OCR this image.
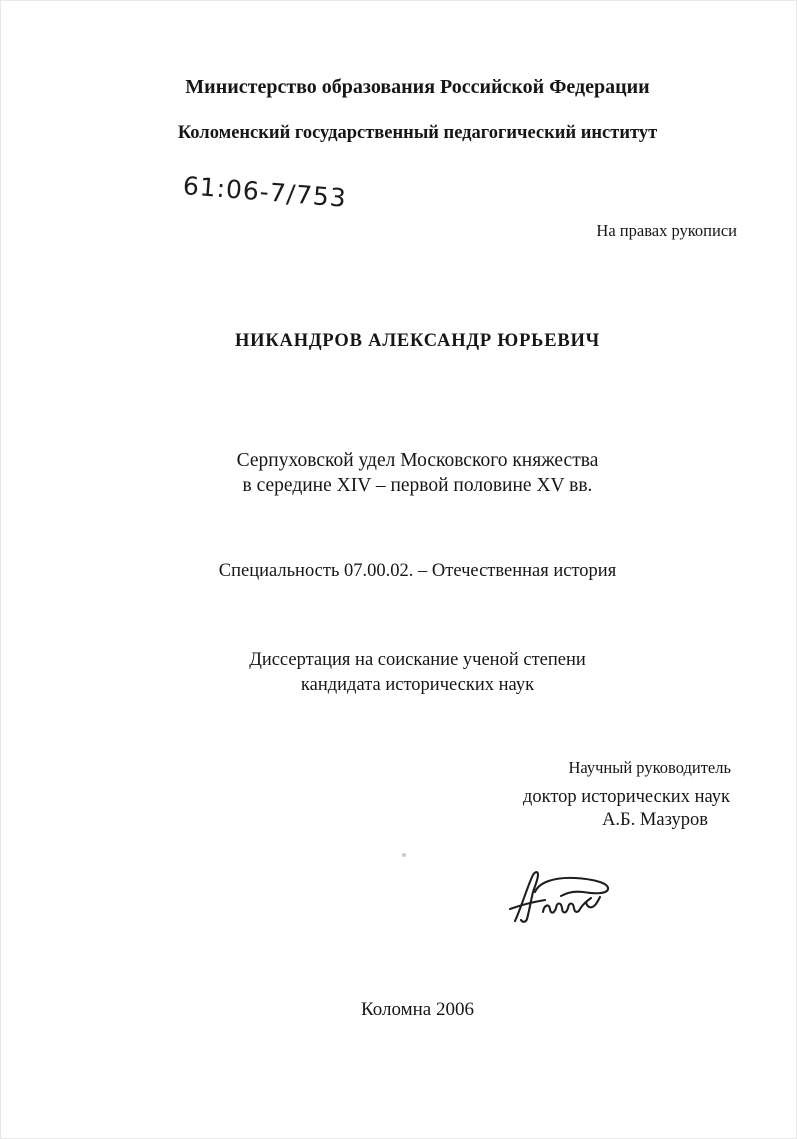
Министерство образования Российской Федерации
Коломенский государственный педагогический институт
61:06-7/753
На правах рукописи
НИКАНДРОВ АЛЕКСАНДР ЮРЬЕВИЧ
Серпуховской удел Московского княжества
в середине XIV – первой половине XV вв.
Специальность 07.00.02. – Отечественная история
Диссертация на соискание ученой степени
кандидата исторических наук
Научный руководитель
доктор исторических наук
А.Б. Мазуров
Коломна 2006
